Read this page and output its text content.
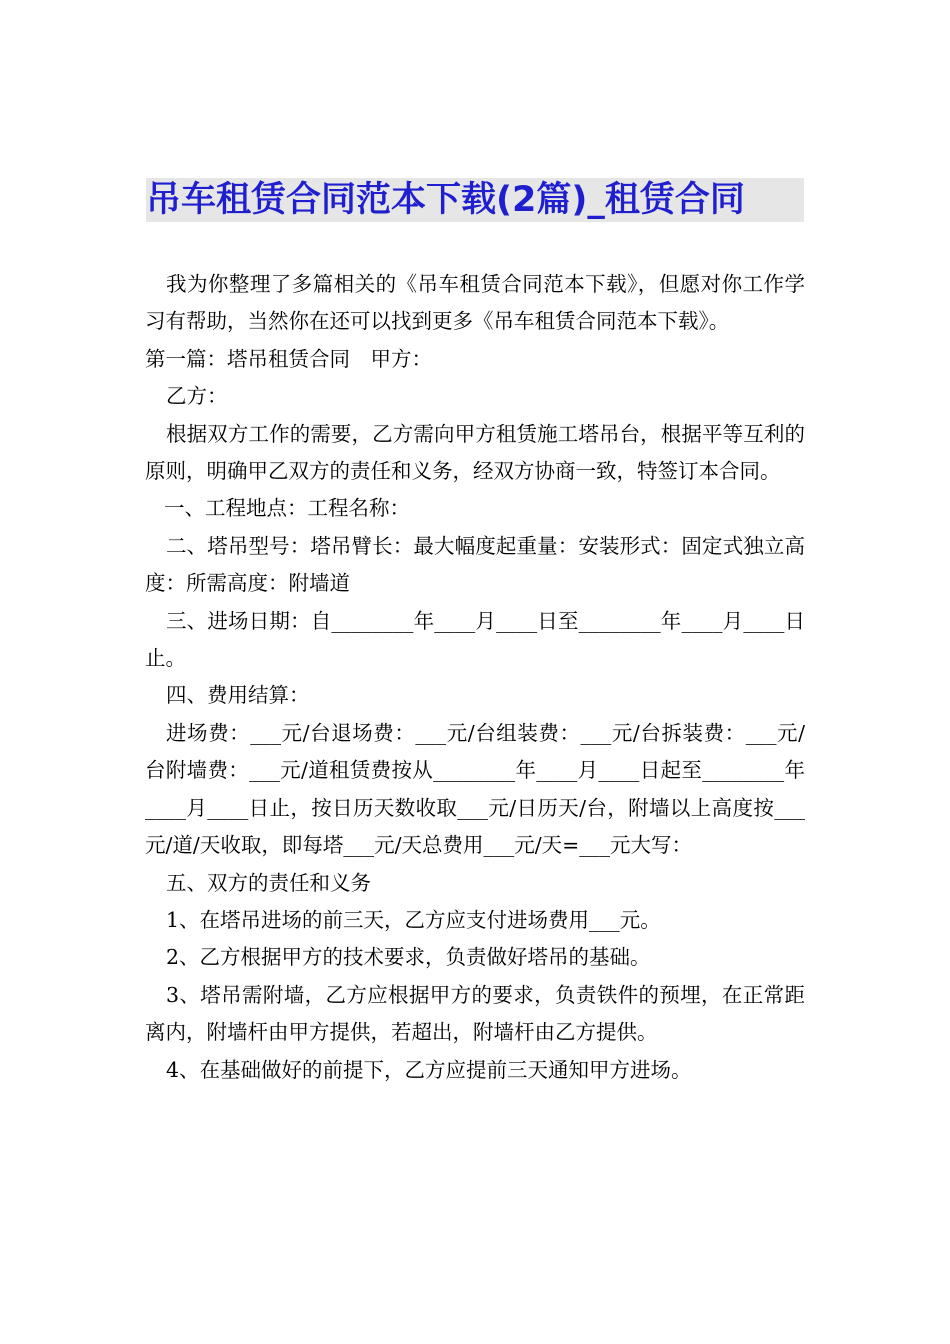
吊车租赁合同范本下载(2篇)_租赁合同

我为你整理了多篇相关的《吊车租赁合同范本下载》，但愿对你工作学习有帮助，当然你在还可以找到更多《吊车租赁合同范本下载》。

第一篇：塔吊租赁合同　甲方：

乙方：

根据双方工作的需要，乙方需向甲方租赁施工塔吊台，根据平等互利的原则，明确甲乙双方的责任和义务，经双方协商一致，特签订本合同。

一、工程地点：工程名称：

二、塔吊型号：塔吊臂长：最大幅度起重量：安装形式：固定式独立高度：所需高度：附墙道

三、进场日期：自________年____月____日至________年____月____日止。

四、费用结算：

进场费：___元/台退场费：___元/台组装费：___元/台拆装费：___元/台附墙费：___元/道租赁费按从________年____月____日起至________年____月____日止，按日历天数收取___元/日历天/台，附墙以上高度按___元/道/天收取，即每塔___元/天总费用___元/天=___元大写：

五、双方的责任和义务

1、在塔吊进场的前三天，乙方应支付进场费用___元。

2、乙方根据甲方的技术要求，负责做好塔吊的基础。

3、塔吊需附墙，乙方应根据甲方的要求，负责铁件的预埋，在正常距离内，附墙杆由甲方提供，若超出，附墙杆由乙方提供。

4、在基础做好的前提下，乙方应提前三天通知甲方进场。
